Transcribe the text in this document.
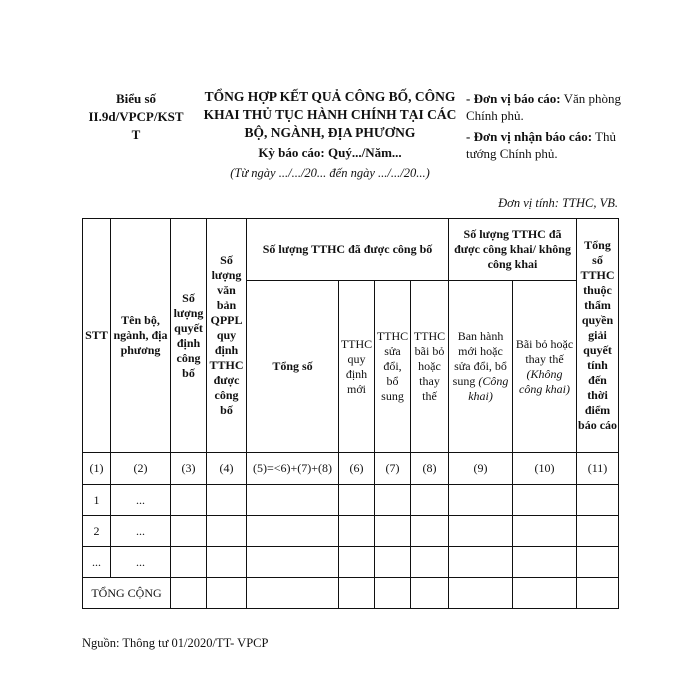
Biểu số
II.9d/VPCP/KST
T
TỔNG HỢP KẾT QUẢ CÔNG BỐ, CÔNG
KHAI THỦ TỤC HÀNH CHÍNH TẠI CÁC
BỘ, NGÀNH, ĐỊA PHƯƠNG
Kỳ báo cáo: Quý.../Năm...
(Từ ngày .../.../20... đến ngày .../.../20...)
- Đơn vị báo cáo: Văn phòng Chính phủ.
- Đơn vị nhận báo cáo: Thủ tướng Chính phủ.
Đơn vị tính: TTHC, VB.
STT	Tên bộ, ngành, địa phương	Số lượng quyết định công bố	Số lượng văn bản QPPL quy định TTHC được công bố	Số lượng TTHC đã được công bố				Số lượng TTHC đã được công khai/ không công khai		Tổng số TTHC thuộc thẩm quyền giải quyết tính đến thời điểm báo cáo
				Tổng số	TTHC quy định mới	TTHC sửa đổi, bổ sung	TTHC bãi bỏ hoặc thay thế	Ban hành mới hoặc sửa đổi, bổ sung (Công khai)	Bãi bỏ hoặc thay thế (Không công khai)	
(1)	(2)	(3)	(4)	(5)=<6)+(7)+(8)	(6)	(7)	(8)	(9)	(10)	(11)
1	...									
2	...									
...	...									
TỔNG CỘNG										
Nguồn: Thông tư 01/2020/TT- VPCP
